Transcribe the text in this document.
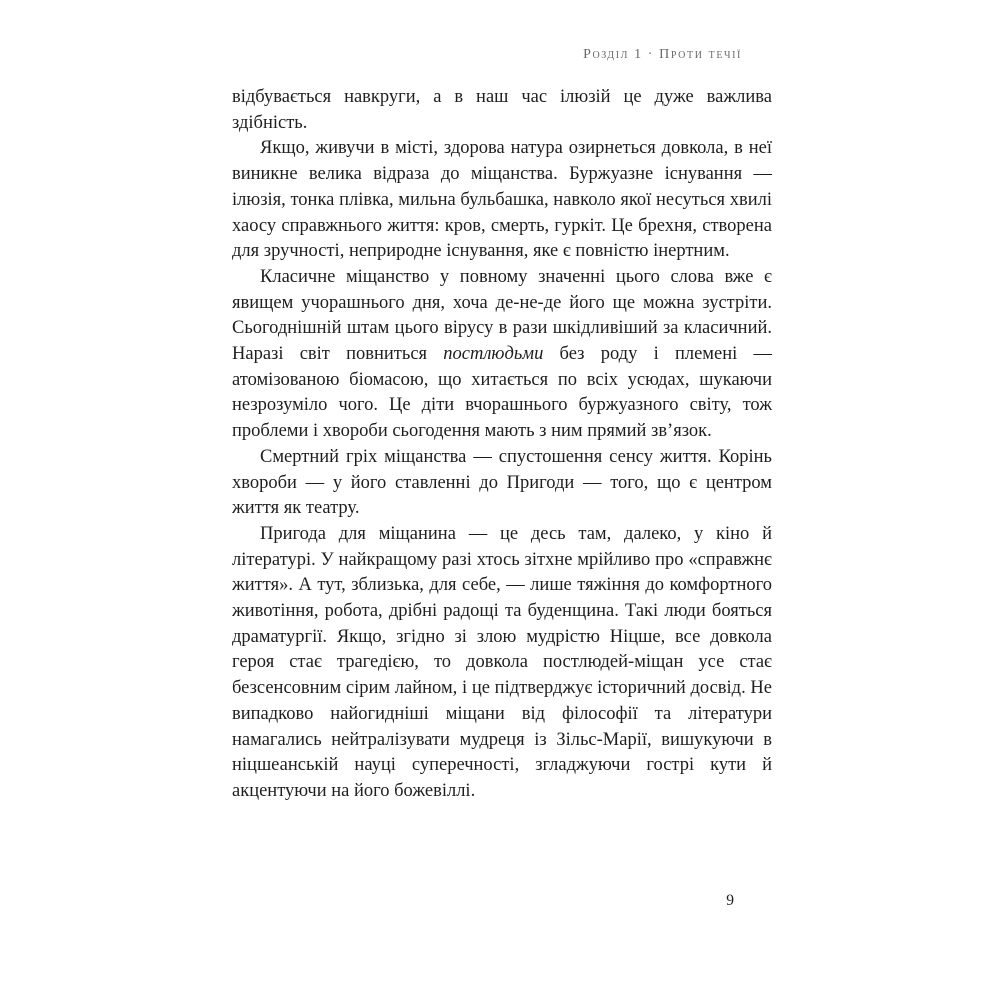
Розділ 1 · Проти течії

відбувається навкруги, а в наш час ілюзій це дуже важлива здібність.

Якщо, живучи в місті, здорова натура озирнеться довкола, в неї виникне велика відраза до міщанства. Буржуазне існування — ілюзія, тонка плівка, мильна бульбашка, навколо якої несуться хвилі хаосу справжнього життя: кров, смерть, гуркіт. Це брехня, створена для зручності, неприродне існування, яке є повністю інертним.

Класичне міщанство у повному значенні цього слова вже є явищем учорашнього дня, хоча де-не-де його ще можна зустріти. Сьогоднішній штам цього вірусу в рази шкідливіший за класичний. Наразі світ повниться постлюдьми без роду і племені — атомізованою біомасою, що хитається по всіх усюдах, шукаючи незрозуміло чого. Це діти вчорашнього буржуазного світу, тож проблеми і хвороби сьогодення мають з ним прямий зв’язок.

Смертний гріх міщанства — спустошення сенсу життя. Корінь хвороби — у його ставленні до Пригоди — того, що є центром життя як театру.

Пригода для міщанина — це десь там, далеко, у кіно й літературі. У найкращому разі хтось зітхне мрійливо про «справжнє життя». А тут, зблизька, для себе, — лише тяжіння до комфортного животіння, робота, дрібні радощі та буденщина. Такі люди бояться драматургії. Якщо, згідно зі злою мудрістю Ніцше, все довкола героя стає трагедією, то довкола постлюдей-міщан усе стає безсенсовним сірим лайном, і це підтверджує історичний досвід. Не випадково найогидніші міщани від філософії та літератури намагались нейтралізувати мудреця із Зільс-Марії, вишукуючи в ніцшеанській науці суперечності, згладжуючи гострі кути й акцентуючи на його божевіллі.

9
